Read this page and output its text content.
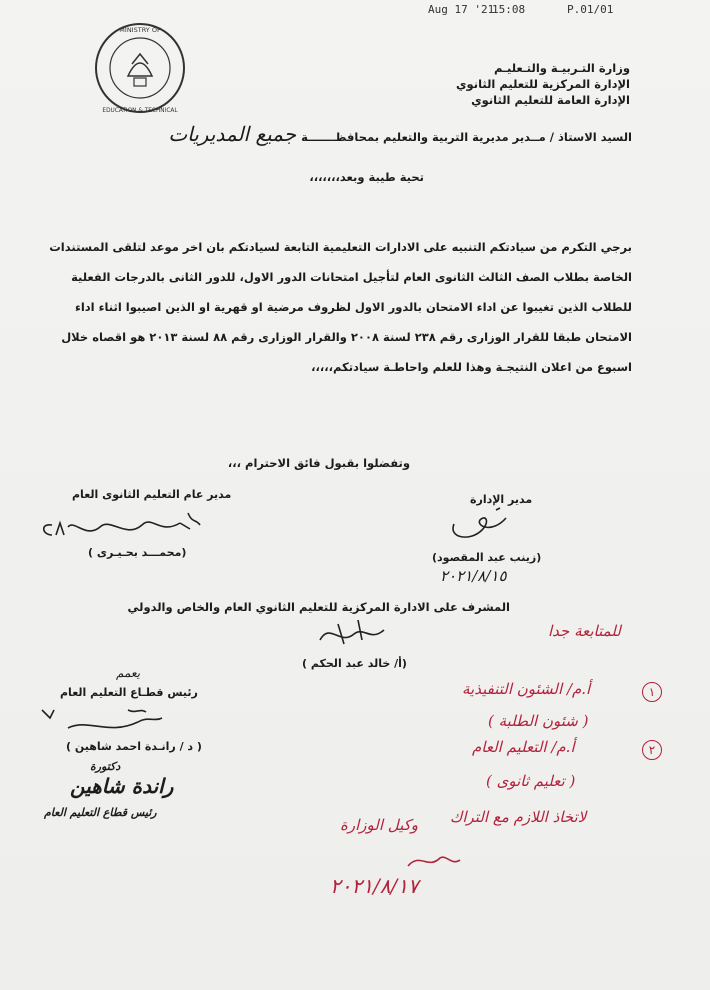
Aug 17 '21
15:08	P.01/01
MINISTRY OF
EDUCATION & TECHNICAL
وزارة التـربيـة والتـعليـم
الإدارة المركزية للتعليم الثانوي
الإدارة العامة للتعليم الثانوي
السيد الاستاذ / مــدير مديرية التربية والتعليم بمحافظـــــــة جميع المديريات
تحية طيبة وبعد،،،،،،،
برجي التكرم من سيادتكم التنبيه على الادارات التعليمية التابعة لسيادتكم بان اخر موعد لتلقى المستندات
الخاصة بطلاب الصف الثالث الثانوى العام لتأجيل امتحانات الدور الاول، للدور الثانى بالدرجات الفعلية
للطلاب الذين تغيبوا عن اداء الامتحان بالدور الاول لظروف مرضية او قهرية او الذين اصيبوا اثناء اداء
الامتحان طبقا للقرار الوزارى رقم ٢٣٨ لسنة ٢٠٠٨ والقرار الوزارى رقم ٨٨ لسنة ٢٠١٣ هو اقصاه خلال
اسبوع من اعلان النتيجـة وهذا للعلم واحاطـة سيادتكم،،،،،
وتفضلوا بقبول فائق الاحترام ،،،
مدير عام التعليم الثانوى العام
(محمـــد بحـيـرى )
مدير الإدارة
(زينب عبد المقصود)
٢٠٢١/٨/١٥
المشرف على الادارة المركزية للتعليم الثانوي العام والخاص والدولي
(أ/ خالد عبد الحكم )
يعمم
رئيس قطـاع التعليم العام
( د / رانـدة احمد شاهين )
دكتورة
راندة شاهين
رئيس قطاع التعليم العام
للمتابعة جدا
١
أ.م/ الشئون التنفيذية
( شئون الطلبة )
٢
أ.م/ التعليم العام
( تعليم ثانوى )
لاتخاذ اللازم مع التراك
وكيل الوزارة
٢٠٢١/٨/١٧
